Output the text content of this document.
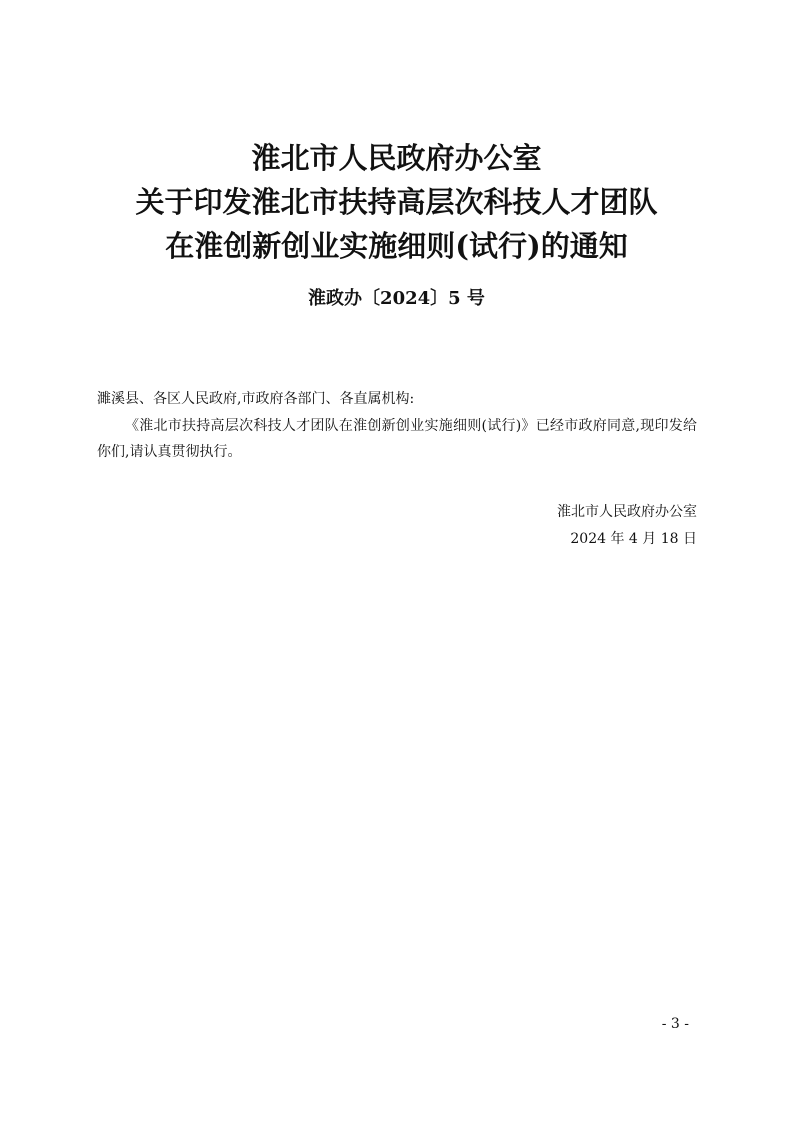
淮北市人民政府办公室
关于印发淮北市扶持高层次科技人才团队
在淮创新创业实施细则(试行)的通知
淮政办〔2024〕5 号
濉溪县、各区人民政府,市政府各部门、各直属机构:
《淮北市扶持高层次科技人才团队在淮创新创业实施细则(试行)》已经市政府同意,现印发给你们,请认真贯彻执行。
淮北市人民政府办公室
2024 年 4 月 18 日
- 3 -
